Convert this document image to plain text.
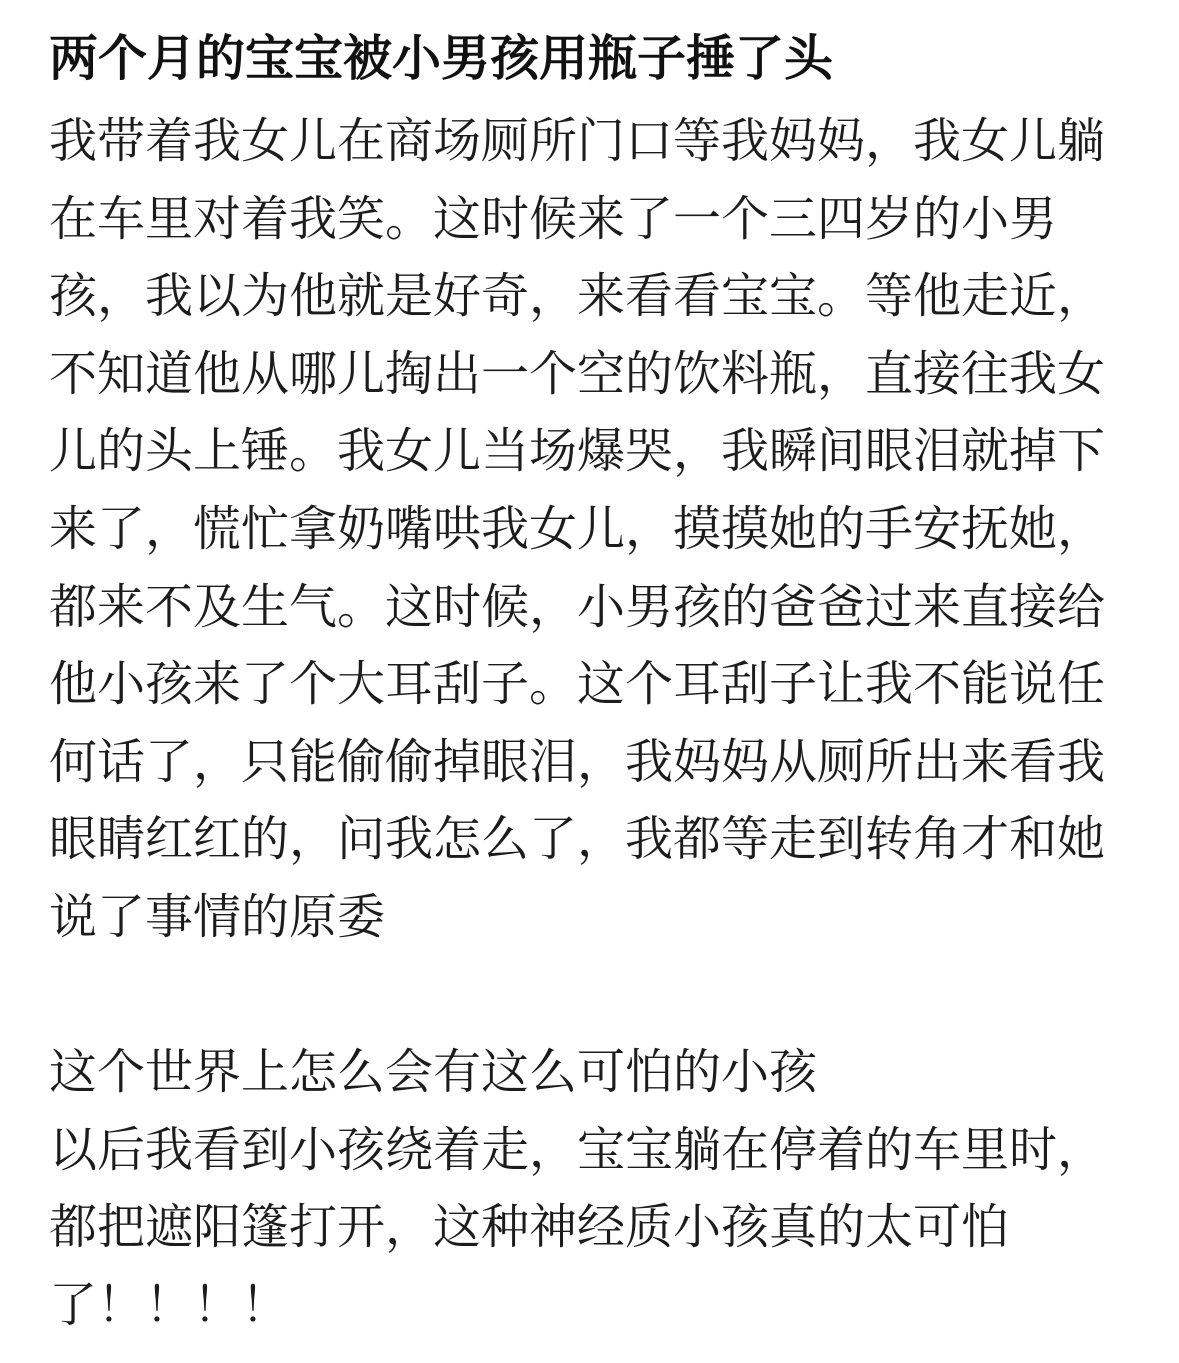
两个月的宝宝被小男孩用瓶子捶了头
我带着我女儿在商场厕所门口等我妈妈，我女儿躺
在车里对着我笑。这时候来了一个三四岁的小男
孩，我以为他就是好奇，来看看宝宝。等他走近，
不知道他从哪儿掏出一个空的饮料瓶，直接往我女
儿的头上锤。我女儿当场爆哭，我瞬间眼泪就掉下
来了，慌忙拿奶嘴哄我女儿，摸摸她的手安抚她，
都来不及生气。这时候，小男孩的爸爸过来直接给
他小孩来了个大耳刮子。这个耳刮子让我不能说任
何话了，只能偷偷掉眼泪，我妈妈从厕所出来看我
眼睛红红的，问我怎么了，我都等走到转角才和她
说了事情的原委
这个世界上怎么会有这么可怕的小孩
以后我看到小孩绕着走，宝宝躺在停着的车里时，
都把遮阳篷打开，这种神经质小孩真的太可怕
了！！！！
